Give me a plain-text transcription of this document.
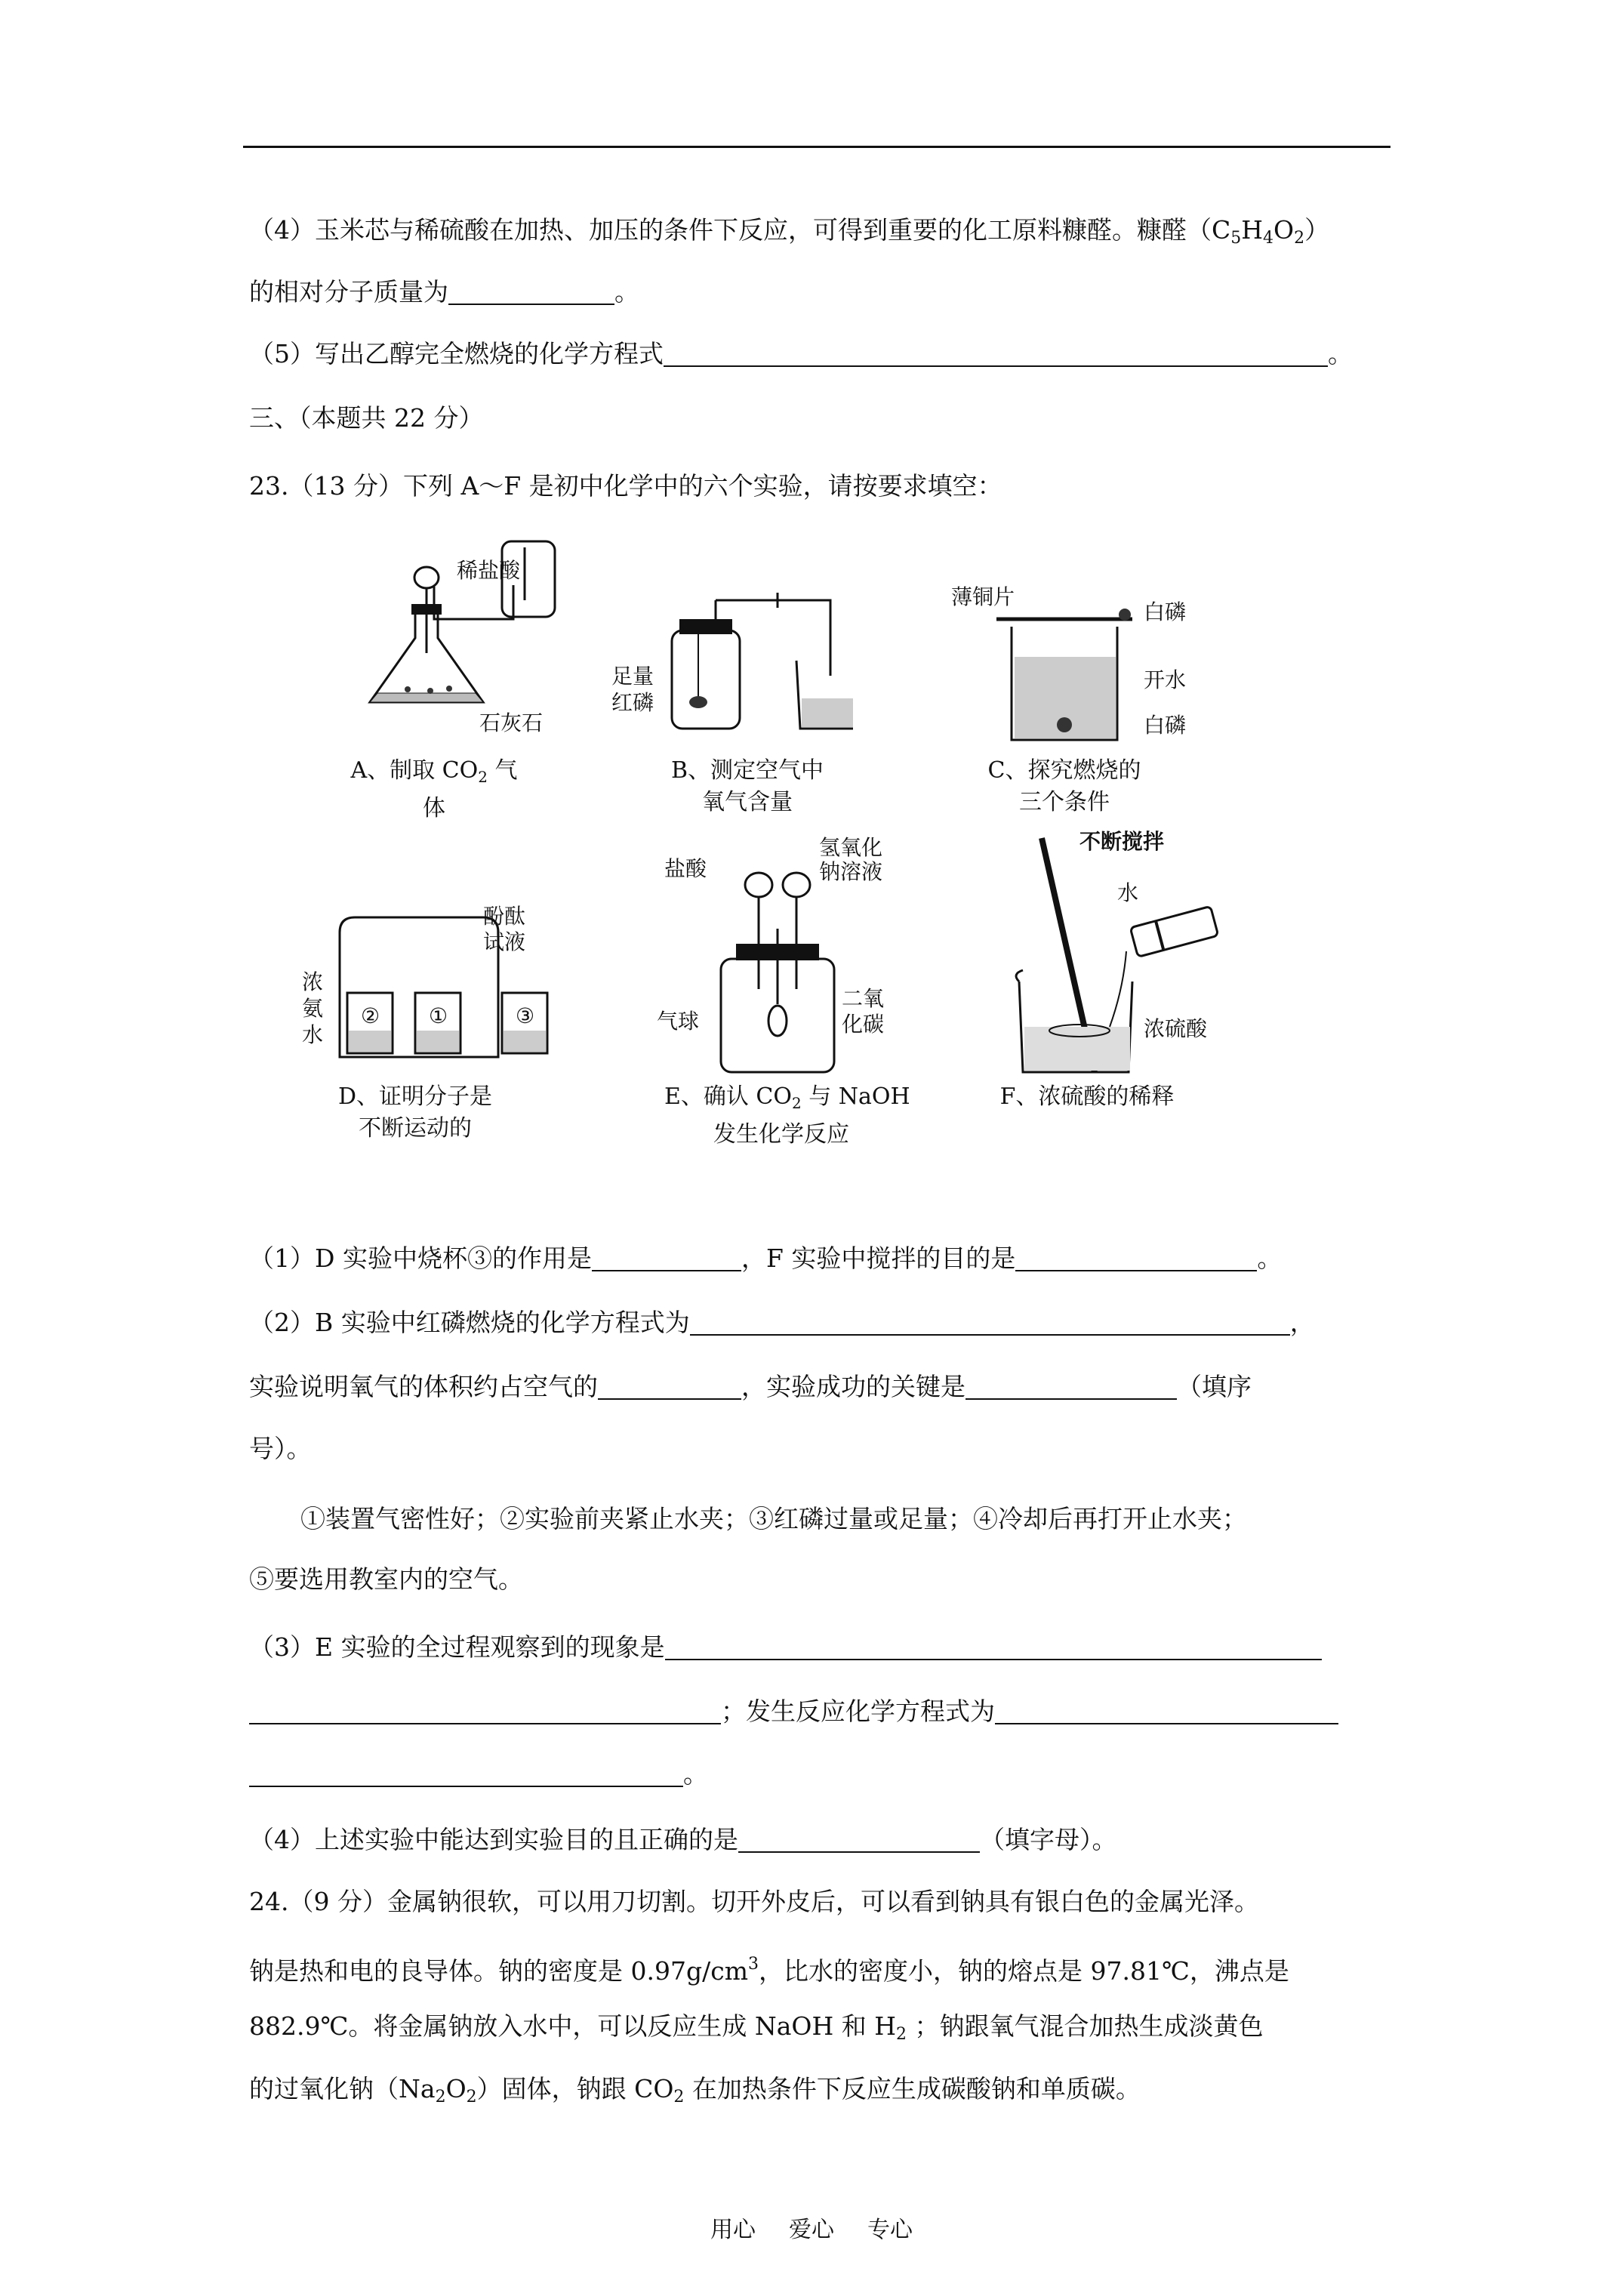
（4）玉米芯与稀硫酸在加热、加压的条件下反应，可得到重要的化工原料糠醛。糠醛$(C_5H_4O_2)$
的相对分子质量为	。
（5）写出乙醇完全燃烧的化学方程式	。
三、（本题共 22 分）
23.（13 分）下列 A～F 是初中化学中的六个实验，请按要求填空：
稀盐酸
石灰石
A、制取 $CO_2$ 气
体
足量
红磷
B、测定空气中
氧气含量
薄铜片
白磷
开水
白磷
C、探究燃烧的
三个条件
② ①	③
酚酞
试液
浓
氨
水
D、证明分子是
不断运动的
盐酸
氢氧化
钠溶液
气球
二氧
化碳
E、确认 $CO_2$ 与 NaOH
发生化学反应
不断搅拌
水
浓硫酸
F、浓硫酸的稀释
（1）D 实验中烧杯③的作用是	，F 实验中搅拌的目的是	。
（2）B 实验中红磷燃烧的化学方程式为	，
实验说明氧气的体积约占空气的	，实验成功的关键是	（填序
号）。
①装置气密性好；②实验前夹紧止水夹；③红磷过量或足量；④冷却后再打开止水夹；
⑤要选用教室内的空气。
（3）E 实验的全过程观察到的现象是
；发生反应化学方程式为
。
（4）上述实验中能达到实验目的且正确的是	（填字母）。
24.（9 分）金属钠很软，可以用刀切割。切开外皮后，可以看到钠具有银白色的金属光泽。
钠是热和电的良导体。钠的密度是 $0.97g/cm^3$，比水的密度小，钠的熔点是 97.81℃，沸点是
882.9℃。将金属钠放入水中，可以反应生成 NaOH 和 $H_2$ ；钠跟氧气混合加热生成淡黄色
的过氧化钠$(Na_2O_2)$固体，钠跟 $CO_2$ 在加热条件下反应生成碳酸钠和单质碳。
用心 爱心 专心
